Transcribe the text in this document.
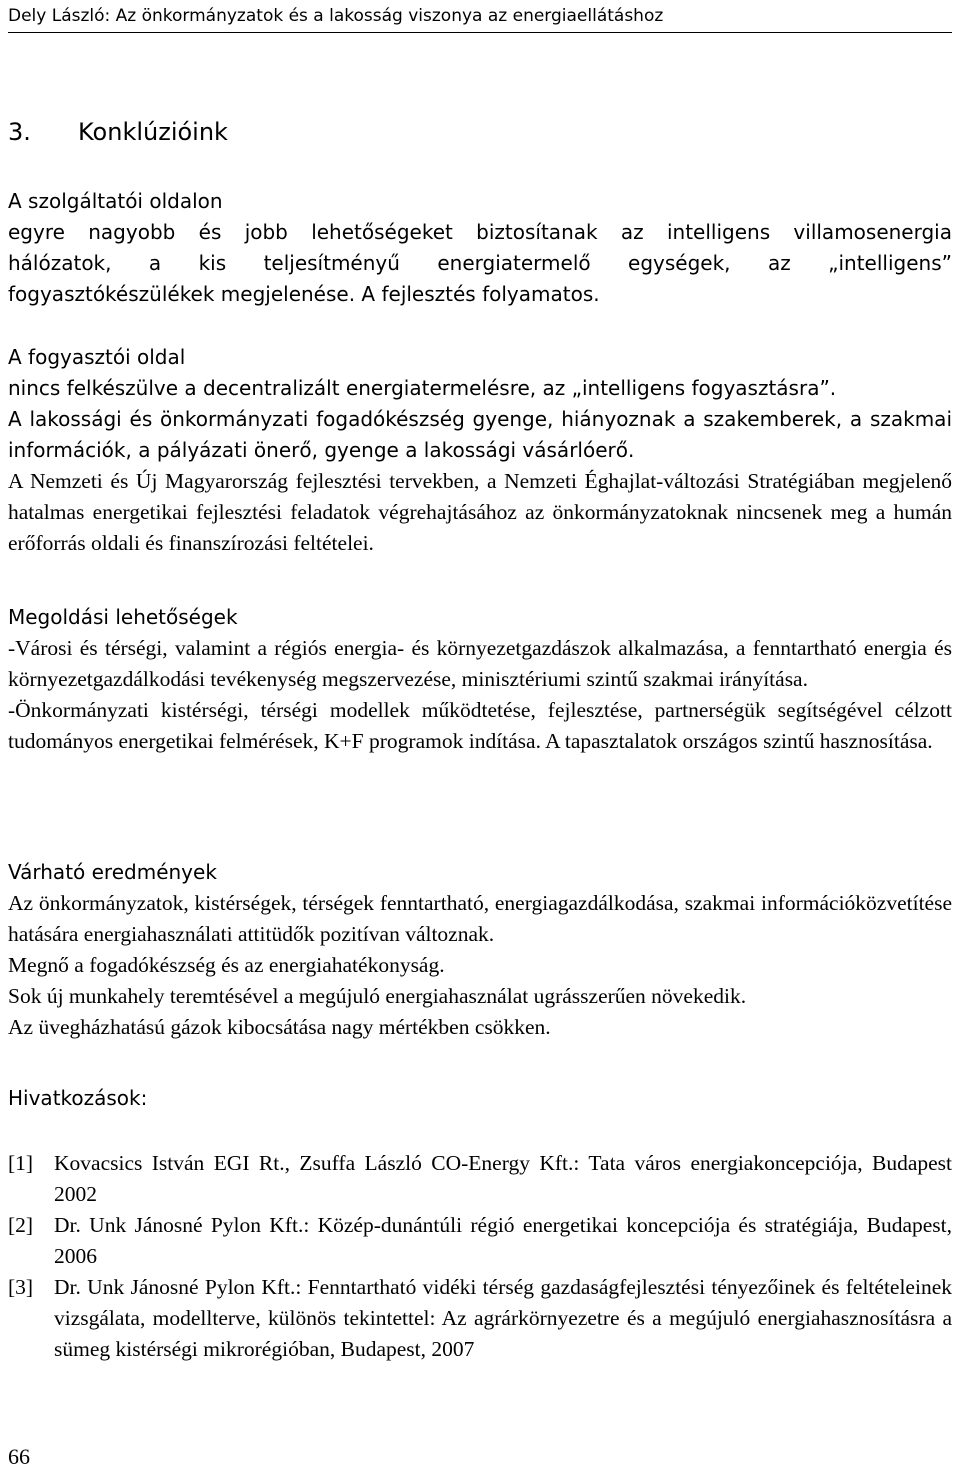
Dely László: Az önkormányzatok és a lakosság viszonya az energiaellátáshoz
3. Konklúzióink

A szolgáltatói oldalon

egyre nagyobb és jobb lehetőségeket biztosítanak az intelligens villamosenergia

hálózatok, a kis teljesítményű energiatermelő egységek, az „intelligens”

fogyasztókészülékek megjelenése. A fejlesztés folyamatos.

A fogyasztói oldal

nincs felkészülve a decentralizált energiatermelésre, az „intelligens fogyasztásra”.

A lakossági és önkormányzati fogadókészség gyenge, hiányoznak a szakemberek, a szakmai információk, a pályázati önerő, gyenge a lakossági vásárlóerő.

A Nemzeti és Új Magyarország fejlesztési tervekben, a Nemzeti Éghajlat-változási Stratégiában megjelenő hatalmas energetikai fejlesztési feladatok végrehajtásához az önkormányzatoknak nincsenek meg a humán erőforrás oldali és finanszírozási feltételei.

Megoldási lehetőségek

-Városi és térségi, valamint a régiós energia- és környezetgazdászok alkalmazása, a fenntartható energia és környezetgazdálkodási tevékenység megszervezése, minisztériumi szintű szakmai irányítása.

-Önkormányzati kistérségi, térségi modellek működtetése, fejlesztése, partnerségük segítségével célzott tudományos energetikai felmérések, K+F programok indítása. A tapasztalatok országos szintű hasznosítása.

Várható eredmények

Az önkormányzatok, kistérségek, térségek fenntartható, energiagazdálkodása, szakmai információközvetítése hatására energiahasználati attitüdők pozitívan változnak.

Megnő a fogadókészség és az energiahatékonyság.

Sok új munkahely teremtésével a megújuló energiahasználat ugrásszerűen növekedik.

Az üvegházhatású gázok kibocsátása nagy mértékben csökken.

Hivatkozások:

[1] Kovacsics István EGI Rt., Zsuffa László CO-Energy Kft.: Tata város energiakoncepciója, Budapest 2002

[2] Dr. Unk Jánosné Pylon Kft.: Közép-dunántúli régió energetikai koncepciója és stratégiája, Budapest, 2006

[3] Dr. Unk Jánosné Pylon Kft.: Fenntartható vidéki térség gazdaságfejlesztési tényezőinek és feltételeinek vizsgálata, modellterve, különös tekintettel: Az agrárkörnyezetre és a megújuló energiahasznosításra a sümeg kistérségi mikrorégióban, Budapest, 2007

66
